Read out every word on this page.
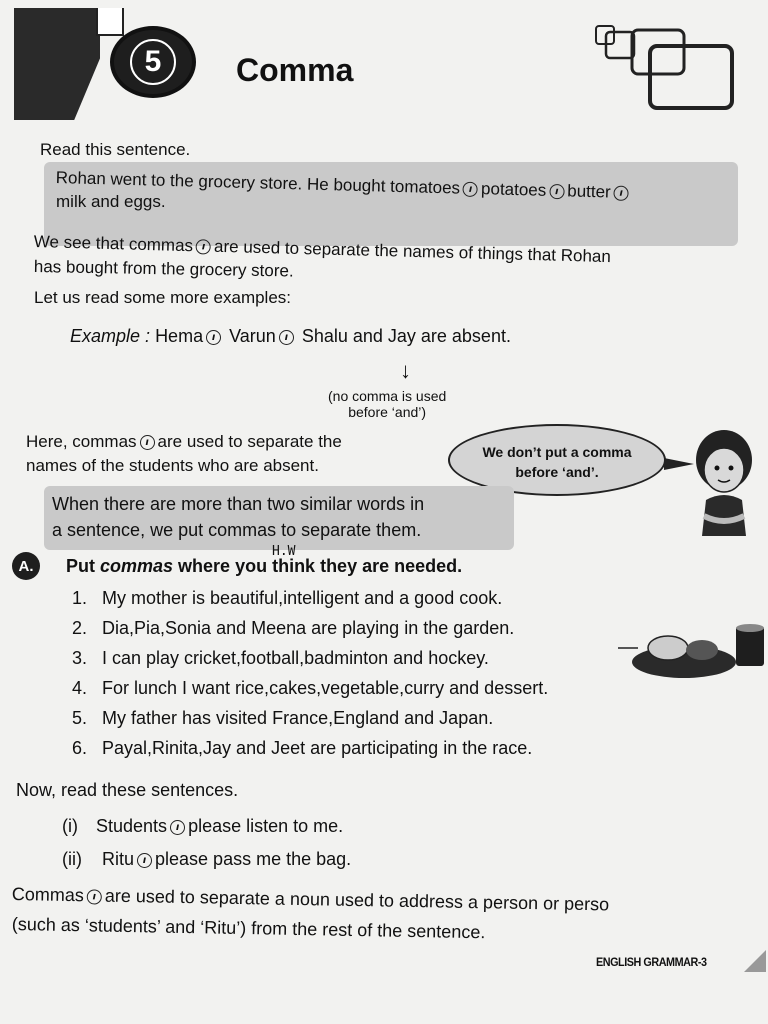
5	Comma
Read this sentence.
Rohan went to the grocery store. He bought tomatoes ı potatoes ı butterı
milk and eggs.
We see that commas ı are used to separate the names of things that Rohan
has bought from the grocery store.
Let us read some more examples:
Example : Hema ı Varun ı Shalu and Jay are absent.
↓
(no comma is used
before ‘and’)
Here, commas ı are used to separate the
names of the students who are absent.
We don’t put a comma
before ‘and’.
When there are more than two similar words in
a sentence, we put commas to separate them.
A.	Put commas where you think they are needed.
H.W
1. My mother is beautiful,intelligent and a good cook.
2. Dia,Pia,Sonia and Meena are playing in the garden.
3. I can play cricket,football,badminton and hockey.
4. For lunch I want rice,cakes,vegetable,curry and dessert.
5. My father has visited France,England and Japan.
6. Payal,Rinita,Jay and Jeet are participating in the race.
Now, read these sentences.
(i) Students ı please listen to me.
(ii) Ritu ı please pass me the bag.
Commas ı are used to separate a noun used to address a person or perso
(such as ‘students’ and ‘Ritu’) from the rest of the sentence.
ENGLISH GRAMMAR-3
